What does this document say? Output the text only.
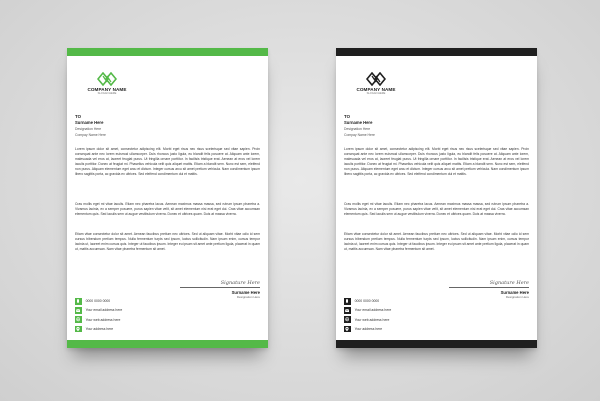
COMPANY NAME
SLOGAN HERE
TO
Surname Here
Designation Here
Compay Name Here

Lorem ipsum dolor sit amet, consectetur adipiscing elit. Morbi eget risus nec risus scelerisque sed vitae sapien. Proin consequat ante nec lorem euismod ullamcorper. Duis rhoncus justo ligula, eu blandit felis posuere at. Aliquam ante lorem, malesuada vel eros at, laoreet feugiat purus. Ut fringilla ornare porttitor. In facilisis tristique erat. Aenean at eros vel lorem iaculis porttitor. Donec at feugiat mi. Phasellus vehicula velit quis aliquet mattis. Etiam a blandit sem. Nunc est sem, eleifend non purus. Aliquam elementum eget arcu et dictum. Integer cursus arcu sit amet pretium vehicula. Nam condimentum ipsum libero sagittis porta, ac gravida ex ultrices. Sed eleifend condimentum dui et mattis.

Cras mollis eget mi vitae iaculis. Etiam nec pharetra lacus. Aenean maximus massa massa, sed rutrum ipsum pharetra a. Vivamus lacinia, ex a semper posuere, purus sapien vitae velit, sit amet elementum nisi erat eget dui. Cras vitae accumsan elementum quis. Sed iaculis sem ut augue vestibulum viverra. Donec et ultrices quam. Duis at massa viverra.

Etiam vitae consectetur dolor sit amet. Aenean faucibus pretium nec ultrices. Sed ut aliquam vitae. Morbi vitae odio id sem cursus bibendum pretium tempus. Nulla fermentum turpis sed ipsum, luctus sollicitudin. Nam ipsum enim, cursus tempor lacinia ut, laoreet enim cursus quis. Integer ut faucibus ipsum. Integer eu ipsum sit amet ante pretium ligula, placerat in quam ut, mattis accumsan. Nam vitae pharetra fermentum sit amet.

Signature Here
Surname Here
Designation Here
0000 0000 0000
Your email address here
Your web address here
Your address here
COMPANY NAME
SLOGAN HERE
TO
Surname Here
Designation Here
Compay Name Here

Lorem ipsum dolor sit amet, consectetur adipiscing elit. Morbi eget risus nec risus scelerisque sed vitae sapien. Proin consequat ante nec lorem euismod ullamcorper. Duis rhoncus justo ligula, eu blandit felis posuere at. Aliquam ante lorem, malesuada vel eros at, laoreet feugiat purus. Ut fringilla ornare porttitor. In facilisis tristique erat. Aenean at eros vel lorem iaculis porttitor. Donec at feugiat mi. Phasellus vehicula velit quis aliquet mattis. Etiam a blandit sem. Nunc est sem, eleifend non purus. Aliquam elementum eget arcu et dictum. Integer cursus arcu sit amet pretium vehicula. Nam condimentum ipsum libero sagittis porta, ac gravida ex ultrices. Sed eleifend condimentum dui et mattis.

Cras mollis eget mi vitae iaculis. Etiam nec pharetra lacus. Aenean maximus massa massa, sed rutrum ipsum pharetra a. Vivamus lacinia, ex a semper posuere, purus sapien vitae velit, sit amet elementum nisi erat eget dui. Cras vitae accumsan elementum quis. Sed iaculis sem ut augue vestibulum viverra. Donec et ultrices quam. Duis at massa viverra.

Etiam vitae consectetur dolor sit amet. Aenean faucibus pretium nec ultrices. Sed ut aliquam vitae. Morbi vitae odio id sem cursus bibendum pretium tempus. Nulla fermentum turpis sed ipsum, luctus sollicitudin. Nam ipsum enim, cursus tempor lacinia ut, laoreet enim cursus quis. Integer ut faucibus ipsum. Integer eu ipsum sit amet ante pretium ligula, placerat in quam ut, mattis accumsan. Nam vitae pharetra fermentum sit amet.

Signature Here
Surname Here
Designation Here
0000 0000 0000
Your email address here
Your web address here
Your address here
